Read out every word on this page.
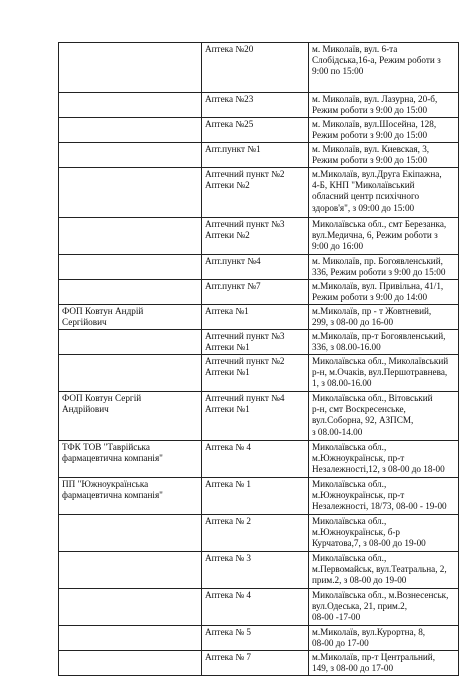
	Аптека №20	м. Миколаїв, вул. 6-та
Слобідська,16-а, Режим роботи з
9:00 по 15:00

	Аптека №23	м. Миколаїв, вул. Лазурна, 20-б,
Режим роботи з 9:00 до 15:00

	Аптека №25	м. Миколаїв, вул.Шосейна, 128,
Режим роботи з 9:00 до 15:00

	Апт.пункт №1	м. Миколаїв, вул. Киевская, 3,
Режим роботи з 9:00 до 15:00

	Аптечний пункт №2
Аптеки №2	м.Миколаїв, вул.Друга Екіпажна,
4-Б, КНП "Миколаївський
обласний центр психічного
здоров'я", з 09:00 до 15:00

	Аптечний пункт №3
Аптеки №2	Миколаївська обл., смт Березанка,
вул.Медична, 6, Режим роботи з
9:00 до 16:00

	Апт.пункт №4	м. Миколаїв, пр. Богоявленський,
336, Режим роботи з 9:00 до 15:00

	Апт.пункт №7	м.Миколаїв, вул. Привільна, 41/1,
Режим роботи з 9:00 до 14:00

ФОП Ковтун Андрій
Сергійович	Аптека №1	м.Миколаїв, пр - т Жовтневий,
299, з 08-00 до 16-00

	Аптечний пункт №3
Аптеки №1	м.Миколаїв, пр-т Богоявленський,
336, з 08.00-16.00

	Аптечний пункт №2
Аптеки №1	Миколаївська обл., Миколаївський
р-н, м.Очаків, вул.Першотравнева,
1, з 08.00-16.00

ФОП Ковтун Сергій
Андрійович	Аптечний пункт №4
Аптеки №1	Миколаївська обл., Вітовський
р-н, смт Воскресенське,
вул.Соборна, 92, АЗПСМ,
з 08.00-14.00

ТФК ТОВ "Таврійська
фармацевтична компанія"	Аптека № 4	Миколаївська обл.,
м.Южноукраїнськ, пр-т
Незалежності,12, з 08-00 до 18-00

ПП "Южноукраїнська
фармацевтична компанія"	Аптека № 1	Миколаївська обл.,
м.Южноукраїнськ, пр-т
Незалежності, 18/73, 08-00 - 19-00

	Аптека № 2	Миколаївська обл.,
м.Южноукраїнськ, б-р
Курчатова,7, з 08-00 до 19-00

	Аптека № 3	Миколаївська обл.,
м.Первомайськ, вул.Театральна, 2,
прим.2, з 08-00 до 19-00

	Аптека № 4	Миколаївська обл., м.Вознесенськ,
вул.Одеська, 21, прим.2,
08-00 -17-00

	Аптека № 5	м.Миколаїв, вул.Курортна, 8,
08-00 до 17-00

	Аптека № 7	м.Миколаїв, пр-т Центральний,
149, з 08-00 до 17-00
